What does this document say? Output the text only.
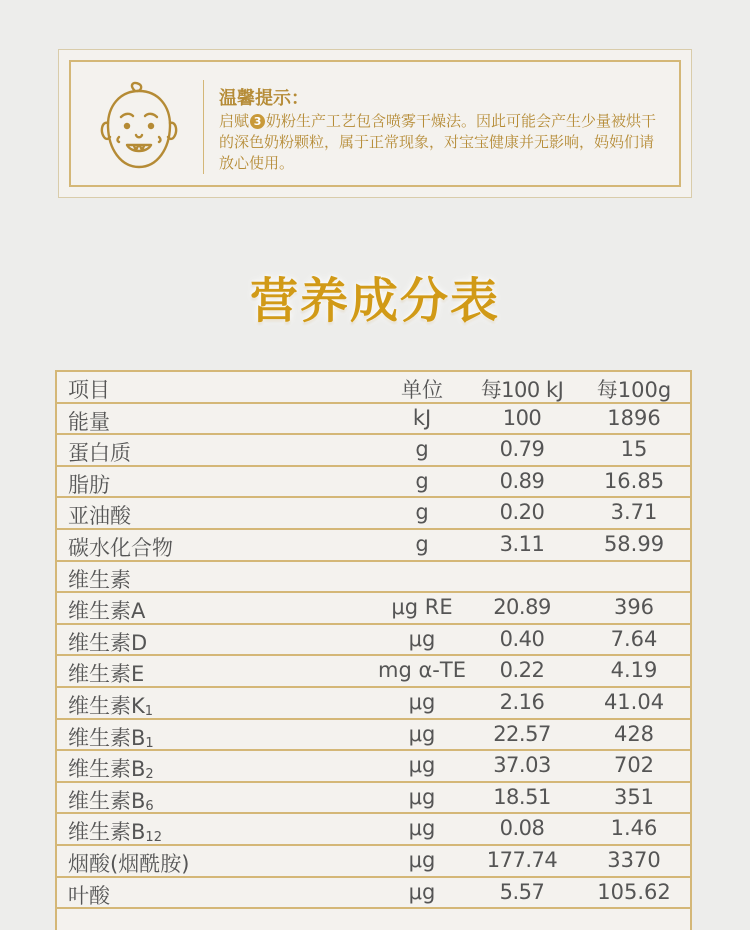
温馨提示：
启赋 3 奶粉生产工艺包含喷雾干燥法。因此可能会产生少量被烘干的深色奶粉颗粒，属于正常现象，对宝宝健康并无影响，妈妈们请放心使用。
营养成分表
项目	单位	每100 kJ	每100g
能量	kJ	100	1896
蛋白质	g	0.79	15
脂肪	g	0.89	16.85
亚油酸	g	0.20	3.71
碳水化合物	g	3.11	58.99
维生素
维生素A	μg RE	20.89	396
维生素D	μg	0.40	7.64
维生素E	mg α-TE	0.22	4.19
维生素$K_1$	μg	2.16	41.04
维生素$B_1$	μg	22.57	428
维生素$B_2$	μg	37.03	702
维生素$B_6$	μg	18.51	351
维生素$B_{12}$	μg	0.08	1.46
烟酸(烟酰胺)	μg	177.74	3370
叶酸	μg	5.57	105.62
